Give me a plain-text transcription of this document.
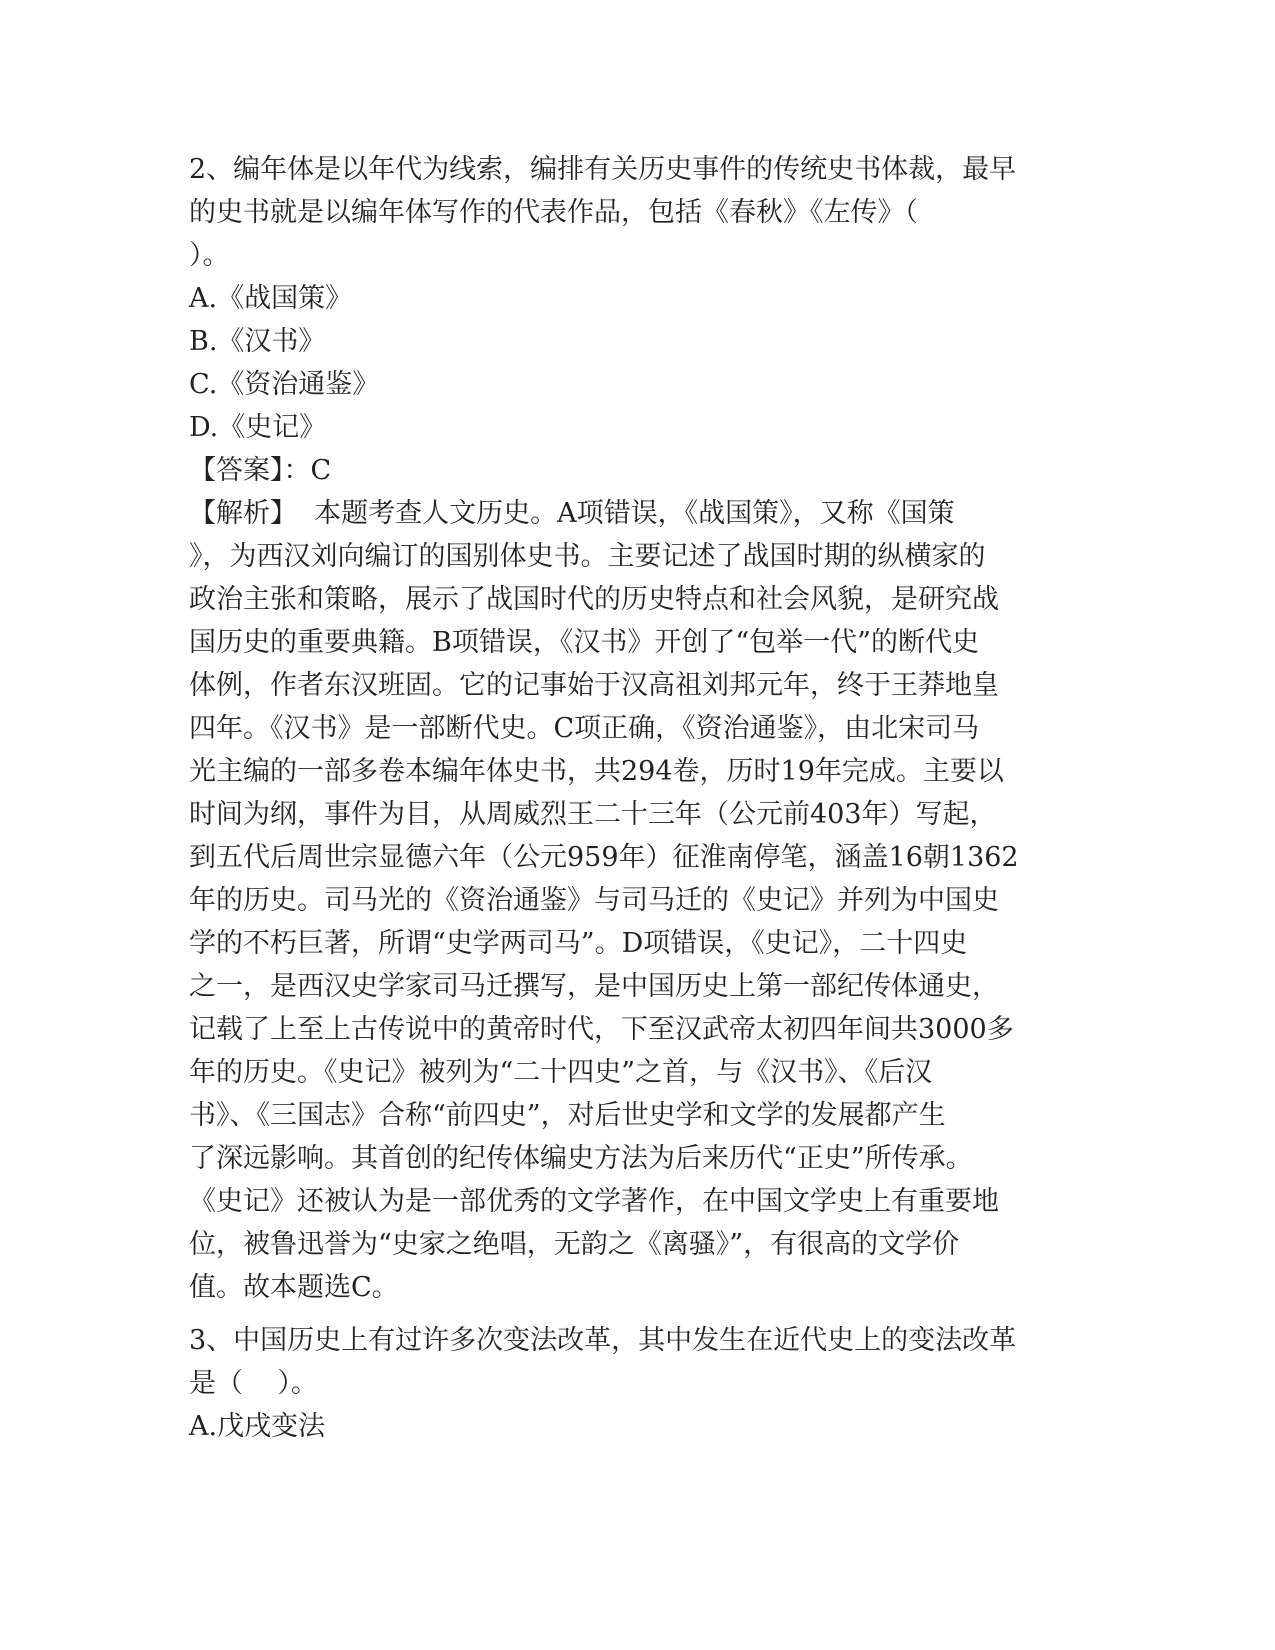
2、编年体是以年代为线索，编排有关历史事件的传统史书体裁，最早
的史书就是以编年体写作的代表作品，包括《春秋》《左传》（
）。
A.《战国策》
B.《汉书》
C.《资治通鉴》
D.《史记》
【答案】：C
【解析】  本题考查人文历史。A项错误，《战国策》，又称《国策
》，为西汉刘向编订的国别体史书。主要记述了战国时期的纵横家的
政治主张和策略，展示了战国时代的历史特点和社会风貌，是研究战
国历史的重要典籍。B项错误，《汉书》开创了“包举一代”的断代史
体例，作者东汉班固。它的记事始于汉高祖刘邦元年，终于王莽地皇
四年。《汉书》是一部断代史。C项正确，《资治通鉴》，由北宋司马
光主编的一部多卷本编年体史书，共294卷，历时19年完成。主要以
时间为纲，事件为目，从周威烈王二十三年（公元前403年）写起，
到五代后周世宗显德六年（公元959年）征淮南停笔，涵盖16朝1362
年的历史。司马光的《资治通鉴》与司马迁的《史记》并列为中国史
学的不朽巨著，所谓“史学两司马”。D项错误，《史记》，二十四史
之一，是西汉史学家司马迁撰写，是中国历史上第一部纪传体通史，
记载了上至上古传说中的黄帝时代，下至汉武帝太初四年间共3000多
年的历史。《史记》被列为“二十四史”之首，与《汉书》、《后汉
书》、《三国志》合称“前四史”，对后世史学和文学的发展都产生
了深远影响。其首创的纪传体编史方法为后来历代“正史”所传承。
《史记》还被认为是一部优秀的文学著作，在中国文学史上有重要地
位，被鲁迅誉为“史家之绝唱，无韵之《离骚》”，有很高的文学价
值。故本题选C。
3、中国历史上有过许多次变法改革，其中发生在近代史上的变法改革
是（    ）。
A.戊戌变法
